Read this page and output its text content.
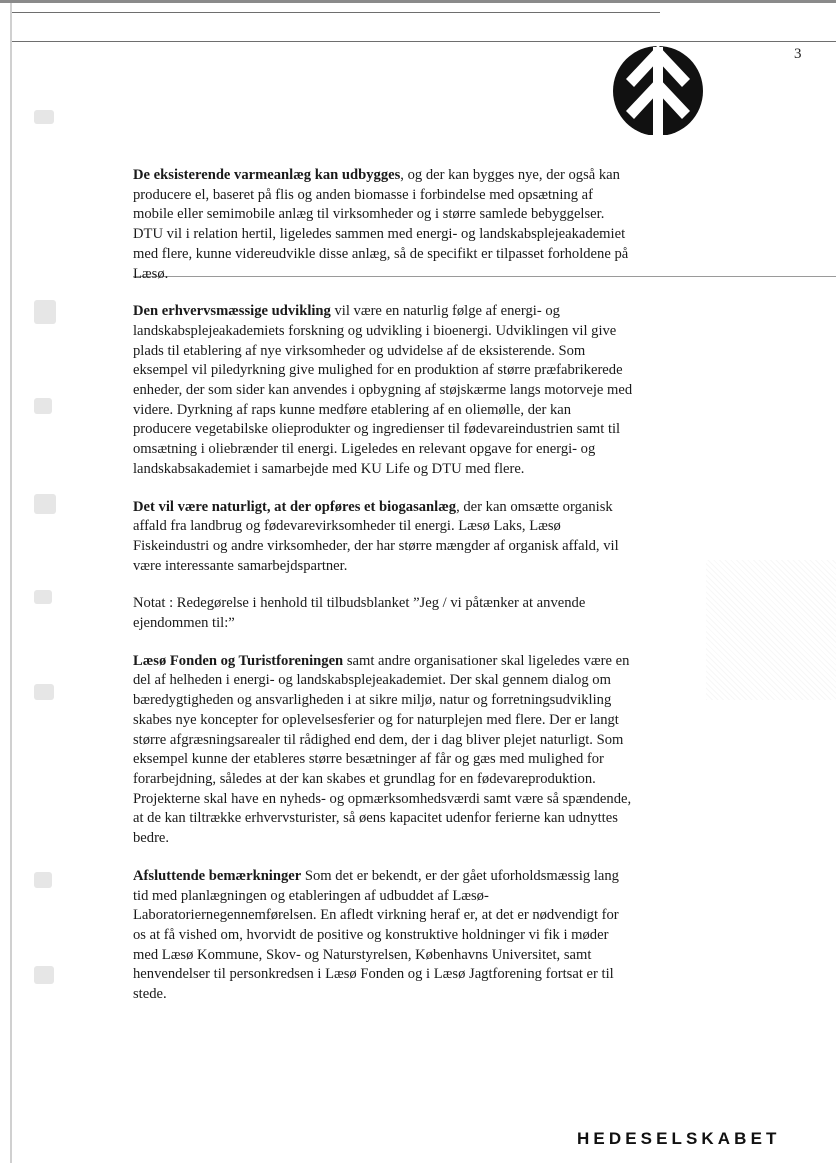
3

De eksisterende varmeanlæg kan udbygges, og der kan bygges nye, der også kan producere el, baseret på flis og anden biomasse i forbindelse med opsætning af mobile eller semimobile anlæg til virksomheder og i større samlede bebyggelser. DTU vil i relation hertil, ligeledes sammen med energi- og landskabsplejeakademiet med flere, kunne videreudvikle disse anlæg, så de specifikt er tilpasset forholdene på Læsø.

Den erhvervsmæssige udvikling vil være en naturlig følge af energi- og landskabsplejeakademiets forskning og udvikling i bioenergi. Udviklingen vil give plads til etablering af nye virksomheder og udvidelse af de eksisterende. Som eksempel vil piledyrkning give mulighed for en produktion af større præfabrikerede enheder, der som sider kan anvendes i opbygning af støjskærme langs motorveje med videre. Dyrkning af raps kunne medføre etablering af en oliemølle, der kan producere vegetabilske olieprodukter og ingredienser til fødevareindustrien samt til omsætning i oliebrænder til energi. Ligeledes en relevant opgave for energi- og landskabsakademiet i samarbejde med KU Life og DTU med flere.

Det vil være naturligt, at der opføres et biogasanlæg, der kan omsætte organisk affald fra landbrug og fødevarevirksomheder til energi. Læsø Laks, Læsø Fiskeindustri og andre virksomheder, der har større mængder af organisk affald, vil være interessante samarbejdspartner.

Notat : Redegørelse i henhold til tilbudsblanket ”Jeg / vi påtænker at anvende ejendommen til:”

Læsø Fonden og Turistforeningen samt andre organisationer skal ligeledes være en del af helheden i energi- og landskabsplejeakademiet. Der skal gennem dialog om bæredygtigheden og ansvarligheden i at sikre miljø, natur og forretningsudvikling skabes nye koncepter for oplevelsesferier og for naturplejen med flere. Der er langt større afgræsningsarealer til rådighed end dem, der i dag bliver plejet naturligt. Som eksempel kunne der etableres større besætninger af får og gæs med mulighed for forarbejdning, således at der kan skabes et grundlag for en fødevareproduktion. Projekterne skal have en nyheds- og opmærksomhedsværdi samt være så spændende, at de kan tiltrække erhvervsturister, så øens kapacitet udenfor ferierne kan udnyttes bedre.

Afsluttende bemærkninger Som det er bekendt, er der gået uforholdsmæssig lang tid med planlægningen og etableringen af udbuddet af Læsø-Laboratoriernegennemførelsen. En afledt virkning heraf er, at det er nødvendigt for os at få vished om, hvorvidt de positive og konstruktive holdninger vi fik i møder med Læsø Kommune, Skov- og Naturstyrelsen, Københavns Universitet, samt henvendelser til personkredsen i Læsø Fonden og i Læsø Jagtforening fortsat er til stede.

HEDESELSKABET
